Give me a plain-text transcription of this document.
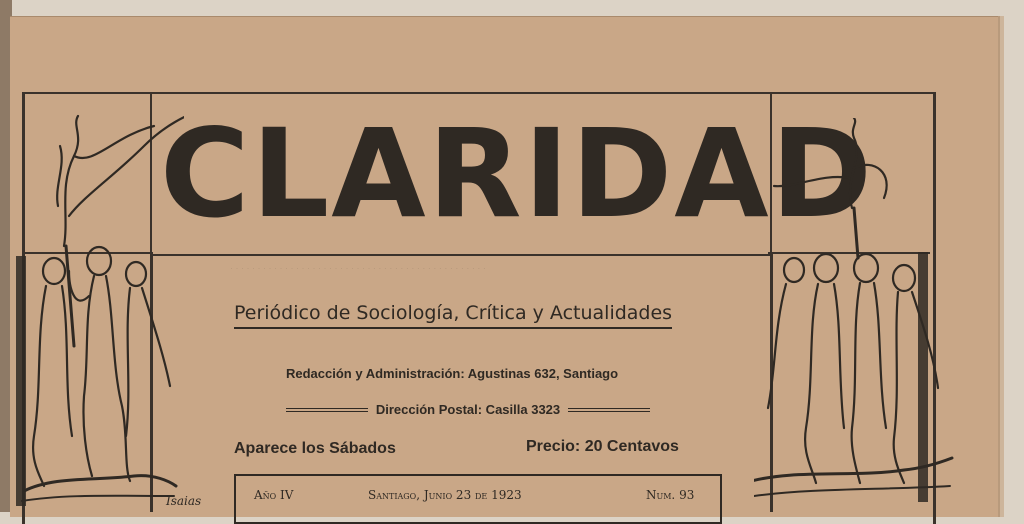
CLARIDAD
· · · · · · · · · · · · · · · · · · · · · · · · · · · · · · · · · · · · · · · · · · · · · · ·
Periódico de Sociología, Crítica y Actualidades
Redacción y Administración: Agustinas 632, Santiago
Dirección Postal: Casilla 3323
Aparece los Sábados	Precio: 20 Centavos
Año IV	Santiago, Junio 23 de 1923	Num. 93
Isaias
